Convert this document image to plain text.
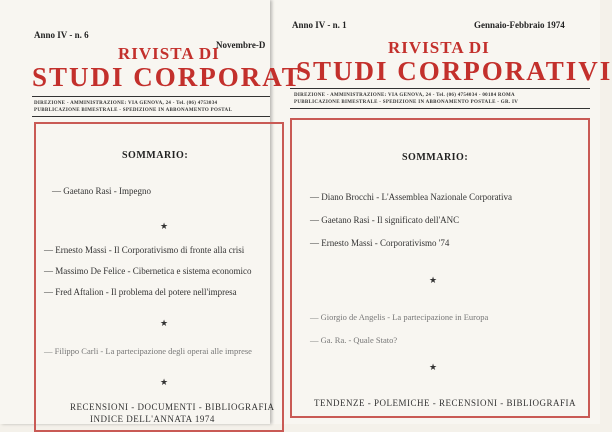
Anno IV - n. 6
Novembre-D
RIVISTA DI
STUDI CORPORAT
DIREZIONE - AMMINISTRAZIONE: VIA GENOVA, 24 - Tel. (06) 4753034
PUBBLICAZIONE BIMESTRALE - SPEDIZIONE IN ABBONAMENTO POSTAL
SOMMARIO:
— Gaetano Rasi - Impegno
★
— Ernesto Massi - Il Corporativismo di fronte alla crisi
— Massimo De Felice - Cibernetica e sistema economico
— Fred Aftalion - Il problema del potere nell'impresa
★
— Filippo Carli - La partecipazione degli operai alle imprese
★
RECENSIONI - DOCUMENTI - BIBLIOGRAFIA
INDICE DELL'ANNATA 1974
Anno IV - n. 1	Gennaio-Febbraio 1974
RIVISTA DI
STUDI CORPORATIVI
DIREZIONE - AMMINISTRAZIONE: VIA GENOVA, 24 - Tel. (06) 4754034 - 00184 ROMA
PUBBLICAZIONE BIMESTRALE - SPEDIZIONE IN ABBONAMENTO POSTALE - GR. IV
SOMMARIO:
— Diano Brocchi - L'Assemblea Nazionale Corporativa
— Gaetano Rasi - Il significato dell'ANC
— Ernesto Massi - Corporativismo '74
★
— Giorgio de Angelis - La partecipazione in Europa
— Ga. Ra. - Quale Stato?
★
TENDENZE - POLEMICHE - RECENSIONI - BIBLIOGRAFIA
